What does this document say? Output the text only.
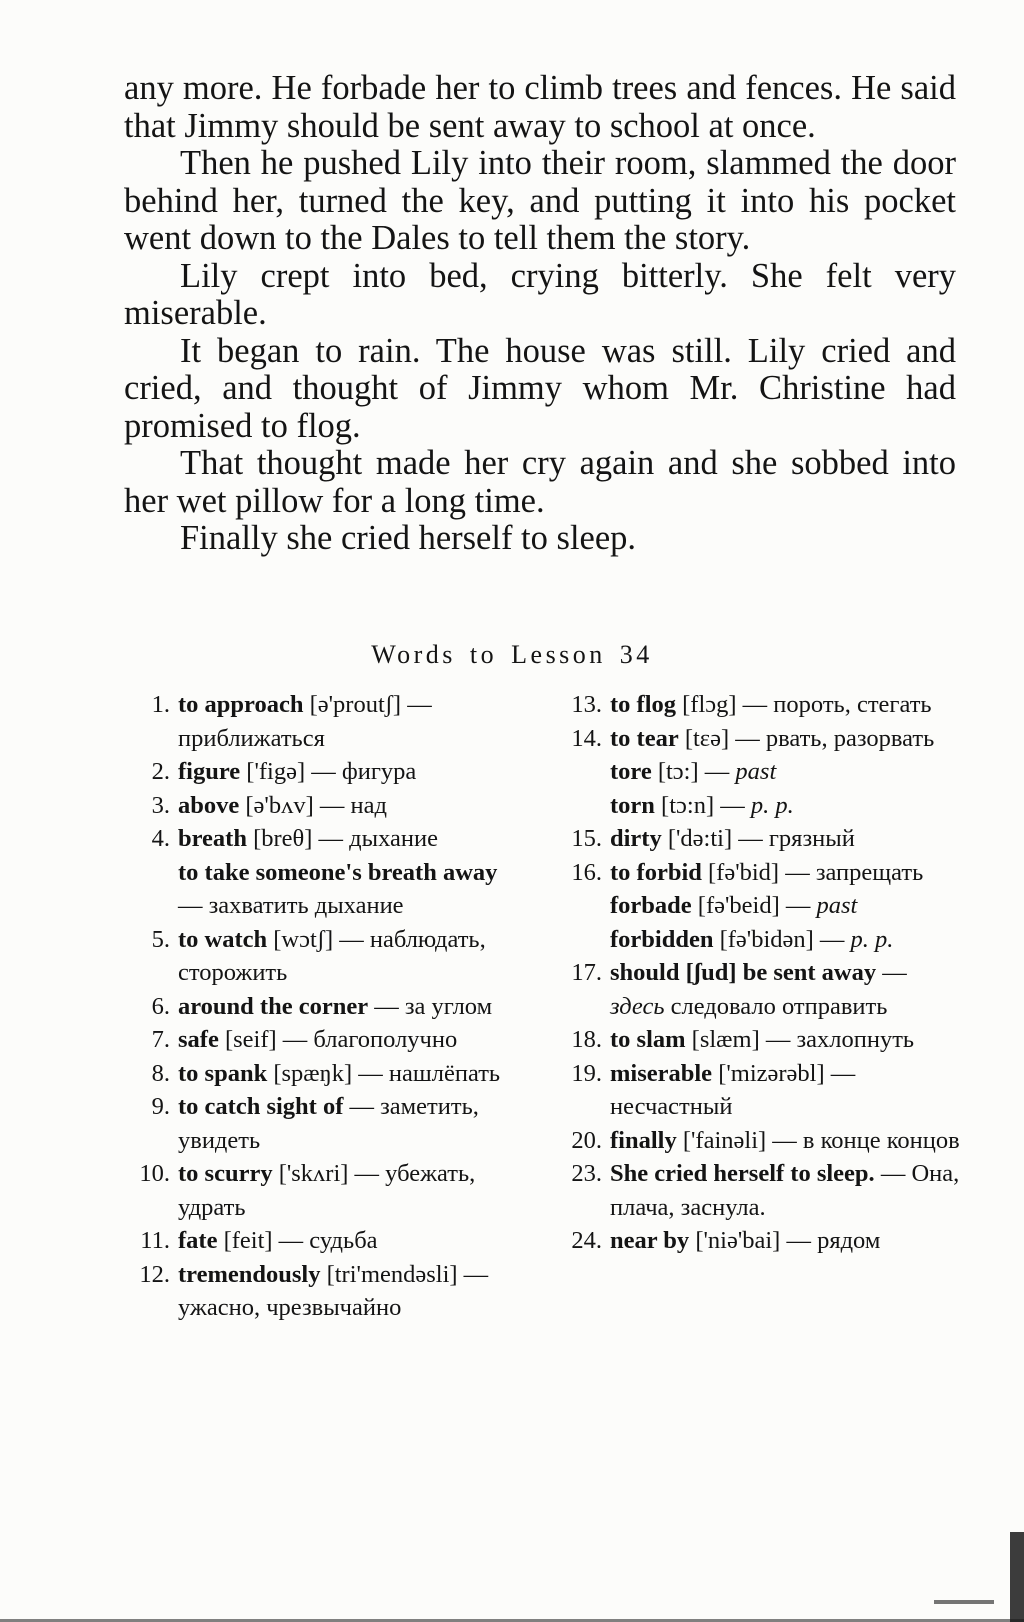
any more. He forbade her to climb trees and fences. He said that Jimmy should be sent away to school at once.

Then he pushed Lily into their room, slammed the door behind her, turned the key, and putting it into his pocket went down to the Dales to tell them the story.

Lily crept into bed, crying bitterly. She felt very miserable.

It began to rain. The house was still. Lily cried and cried, and thought of Jimmy whom Mr. Christine had promised to flog.

That thought made her cry again and she sobbed into her wet pillow for a long time.

Finally she cried herself to sleep.

Words to Lesson 34
1. to approach [ə'proutʃ] — приближаться
2. figure ['figə] — фигура
3. above [ə'bʌv] — над
4. breath [breθ] — дыхание
to take someone's breath away — захватить дыхание
5. to watch [wɔtʃ] — наблюдать, сторожить
6. around the corner — за углом
7. safe [seif] — благополучно
8. to spank [spæŋk] — нашлёпать
9. to catch sight of — заметить, увидеть
10. to scurry ['skʌri] — убежать, удрать
11. fate [feit] — судьба
12. tremendously [tri'mendəsli] — ужасно, чрезвычайно
13. to flog [flɔg] — пороть, стегать
14. to tear [tɛə] — рвать, разорвать
tore [tɔ:] — past
torn [tɔ:n] — p. p.
15. dirty ['də:ti] — грязный
16. to forbid [fə'bid] — запрещать
forbade [fə'beid] — past
forbidden [fə'bidən] — p. p.
17. should [ʃud] be sent away —
здесь следовало отправить
18. to slam [slæm] — захлопнуть
19. miserable ['mizərəbl] — несчастный
20. finally ['fainəli] — в конце концов
23. She cried herself to sleep. — Она, плача, заснула.
24. near by ['niə'bai] — рядом
